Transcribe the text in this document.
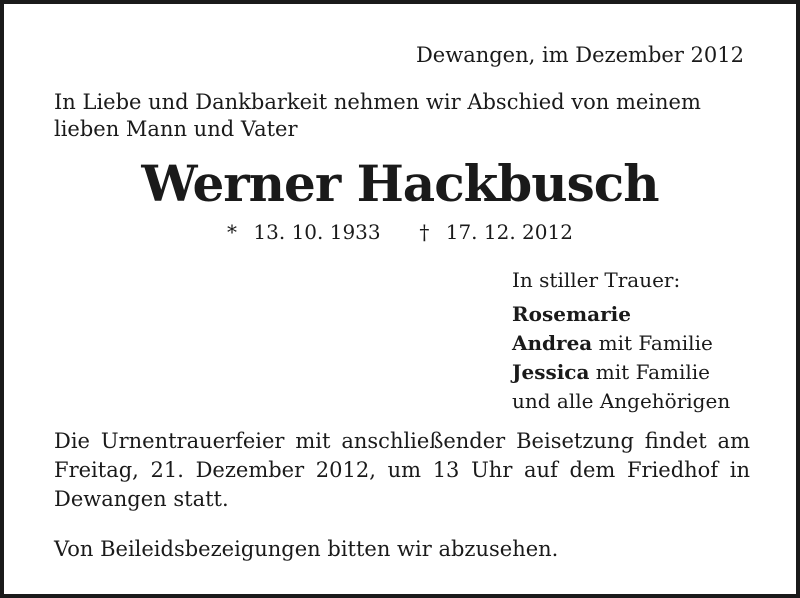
Dewangen, im Dezember 2012

In Liebe und Dankbarkeit nehmen wir Abschied von meinem lieben Mann und Vater

Werner Hackbusch
* 13. 10. 1933 † 17. 12. 2012
In stiller Trauer:
Rosemarie
Andrea mit Familie
Jessica mit Familie
und alle Angehörigen

Die Urnentrauerfeier mit anschließender Beisetzung findet am Freitag, 21. Dezember 2012, um 13 Uhr auf dem Friedhof in Dewangen statt.

Von Beileidsbezeigungen bitten wir abzusehen.
